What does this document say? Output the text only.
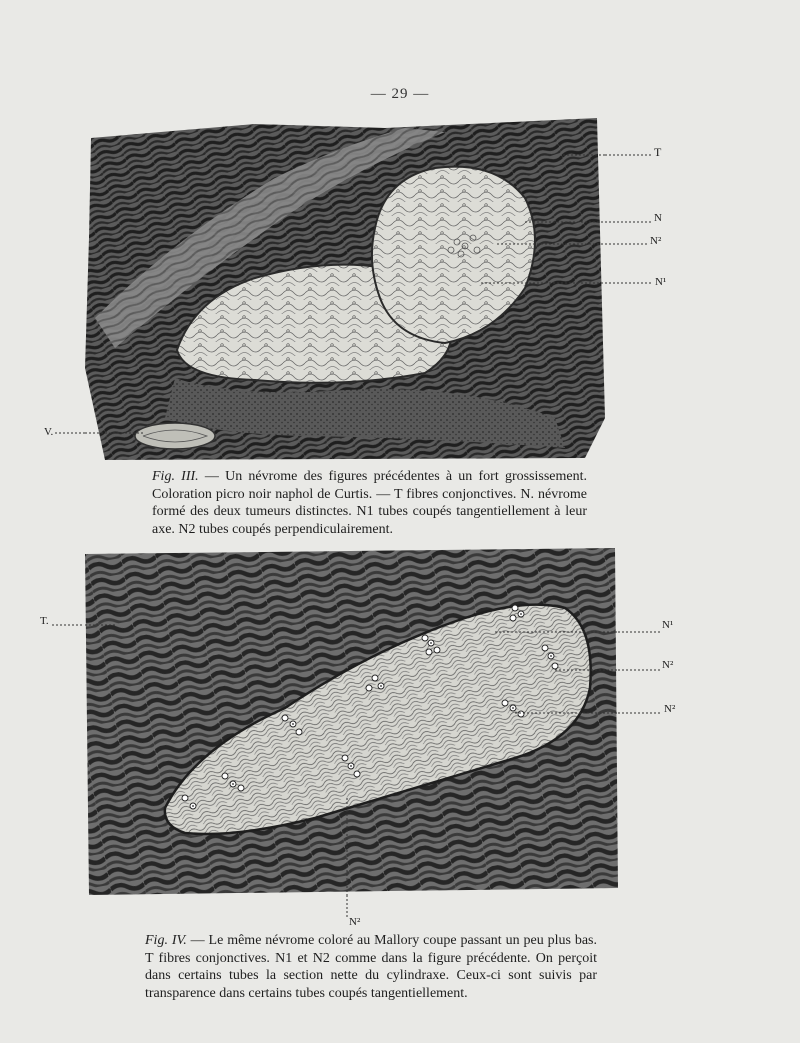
— 29 —
T
N
N²
N¹
V.
Fig. III. — Un névrome des figures précédentes à un fort grossissement. Coloration picro noir naphol de Curtis. — T fibres conjonctives. N. névrome formé des deux tumeurs distinctes. N1 tubes coupés tangentiellement à leur axe. N2 tubes coupés perpendiculairement.
T.	N¹
N²
N²
N²
Fig. IV. — Le même névrome coloré au Mallory coupe passant un peu plus bas. T fibres conjonctives. N1 et N2 comme dans la figure précédente. On perçoit dans certains tubes la section nette du cylindraxe. Ceux-ci sont suivis par transparence dans certains tubes coupés tangentiellement.
